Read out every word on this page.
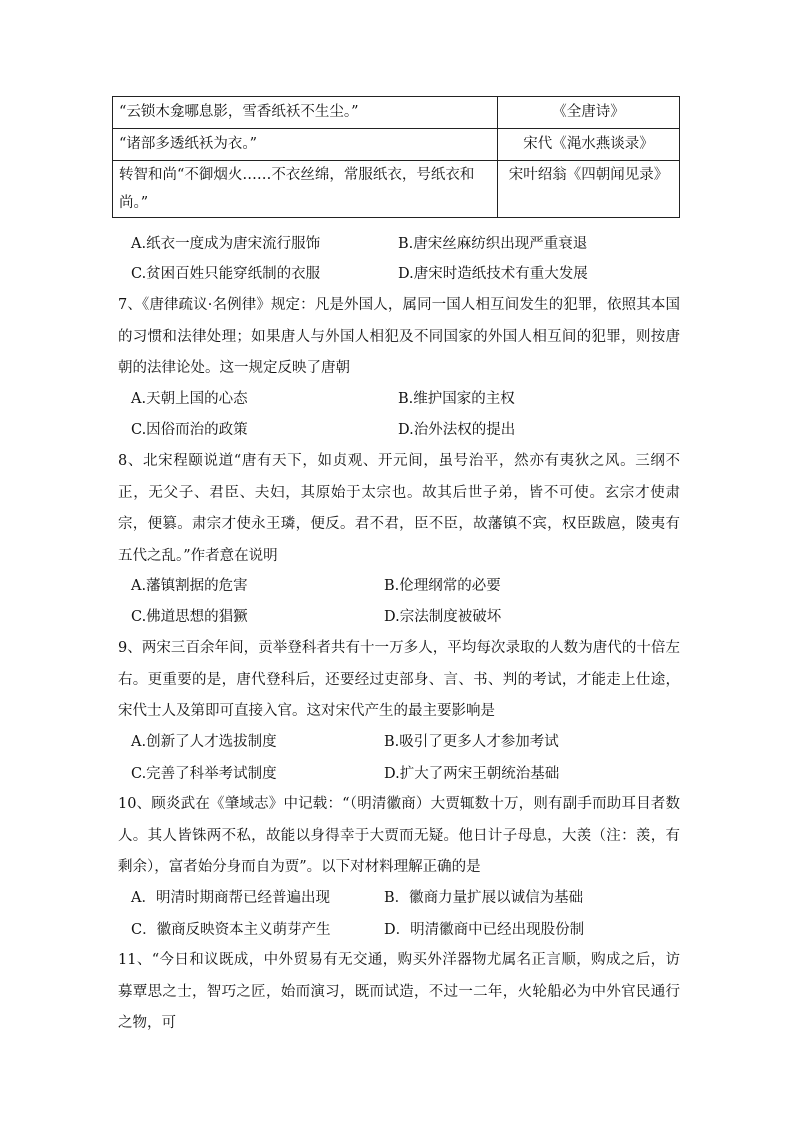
“云锁木龛哪息影，雪香纸袄不生尘。”	《全唐诗》
“诸部多透纸袄为衣。”	宋代《渑水燕谈录》
转智和尚“不御烟火……不衣丝绵，常服纸衣，号纸衣和尚。”	宋叶绍翁《四朝闻见录》
A.纸衣一度成为唐宋流行服饰	B.唐宋丝麻纺织出现严重衰退
C.贫困百姓只能穿纸制的衣服	D.唐宋时造纸技术有重大发展
7、《唐律疏议·名例律》规定：凡是外国人，属同一国人相互间发生的犯罪，依照其本国的习惯和法律处理；如果唐人与外国人相犯及不同国家的外国人相互间的犯罪，则按唐朝的法律论处。这一规定反映了唐朝
A.天朝上国的心态	B.维护国家的主权
C.因俗而治的政策	D.治外法权的提出
8、北宋程颐说道“唐有天下，如贞观、开元间，虽号治平，然亦有夷狄之风。三纲不正，无父子、君臣、夫妇，其原始于太宗也。故其后世子弟，皆不可使。玄宗才使肃宗，便篡。肃宗才使永王璘，便反。君不君，臣不臣，故藩镇不宾，权臣跋扈，陵夷有五代之乱。”作者意在说明
A.藩镇割据的危害	B.伦理纲常的必要
C.佛道思想的猖獗	D.宗法制度被破坏
9、两宋三百余年间，贡举登科者共有十一万多人，平均每次录取的人数为唐代的十倍左右。更重要的是，唐代登科后，还要经过吏部身、言、书、判的考试，才能走上仕途，宋代士人及第即可直接入官。这对宋代产生的最主要影响是
A.创新了人才选拔制度	B.吸引了更多人才参加考试
C.完善了科举考试制度	D.扩大了两宋王朝统治基础
10、顾炎武在《肇域志》中记载：“（明清徽商）大贾辄数十万，则有副手而助耳目者数人。其人皆铢两不私，故能以身得幸于大贾而无疑。他日计子母息，大羡（注：羡，有剩余），富者始分身而自为贾”。以下对材料理解正确的是
A．明清时期商帮已经普遍出现	B．徽商力量扩展以诚信为基础
C．徽商反映资本主义萌芽产生	D．明清徽商中已经出现股份制
11、“今日和议既成，中外贸易有无交通，购买外洋器物尤属名正言顺，购成之后，访募覃思之士，智巧之匠，始而演习，既而试造，不过一二年，火轮船必为中外官民通行之物，可
